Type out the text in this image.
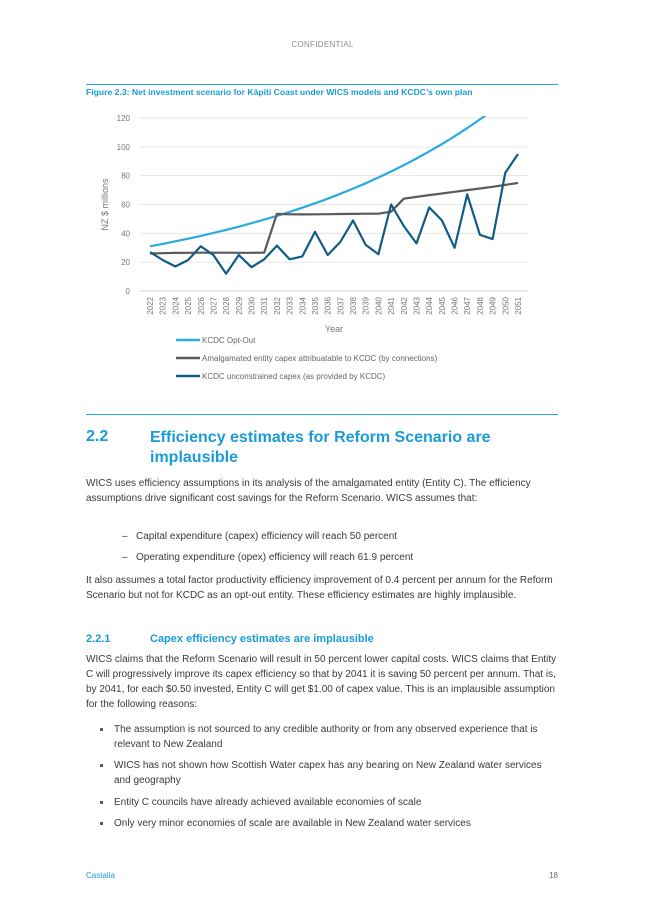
CONFIDENTIAL
Figure 2.3: Net investment scenario for Kāpiti Coast under WICS models and KCDC’s own plan
0
20
40
60
80
100
120
2022 2023 2024 2025 2026 2027 2028 2029 2030 2031 2032 2033 2034 2035 2036 2037 2038 2039 2040 2041 2042 2043 2044 2045 2046 2047 2048 2049 2050 2051
NZ $ millions
Year
KCDC Opt-Out
Amalgamated entity capex attribuatable to KCDC (by connections)
KCDC unconstrained capex (as provided by KCDC)
2.2	Efficiency estimates for Reform Scenario are implausible
WICS uses efficiency assumptions in its analysis of the amalgamated entity (Entity C). The efficiency assumptions drive significant cost savings for the Reform Scenario. WICS assumes that:
– Capital expenditure (capex) efficiency will reach 50 percent
– Operating expenditure (opex) efficiency will reach 61.9 percent
It also assumes a total factor productivity efficiency improvement of 0.4 percent per annum for the Reform Scenario but not for KCDC as an opt-out entity. These efficiency estimates are highly implausible.
2.2.1	Capex efficiency estimates are implausible
WICS claims that the Reform Scenario will result in 50 percent lower capital costs. WICS claims that Entity C will progressively improve its capex efficiency so that by 2041 it is saving 50 percent per annum. That is, by 2041, for each $0.50 invested, Entity C will get $1.00 of capex value. This is an implausible assumption for the following reasons:
The assumption is not sourced to any credible authority or from any observed experience that is relevant to New Zealand
WICS has not shown how Scottish Water capex has any bearing on New Zealand water services and geography
Entity C councils have already achieved available economies of scale
Only very minor economies of scale are available in New Zealand water services
Castalia	18
